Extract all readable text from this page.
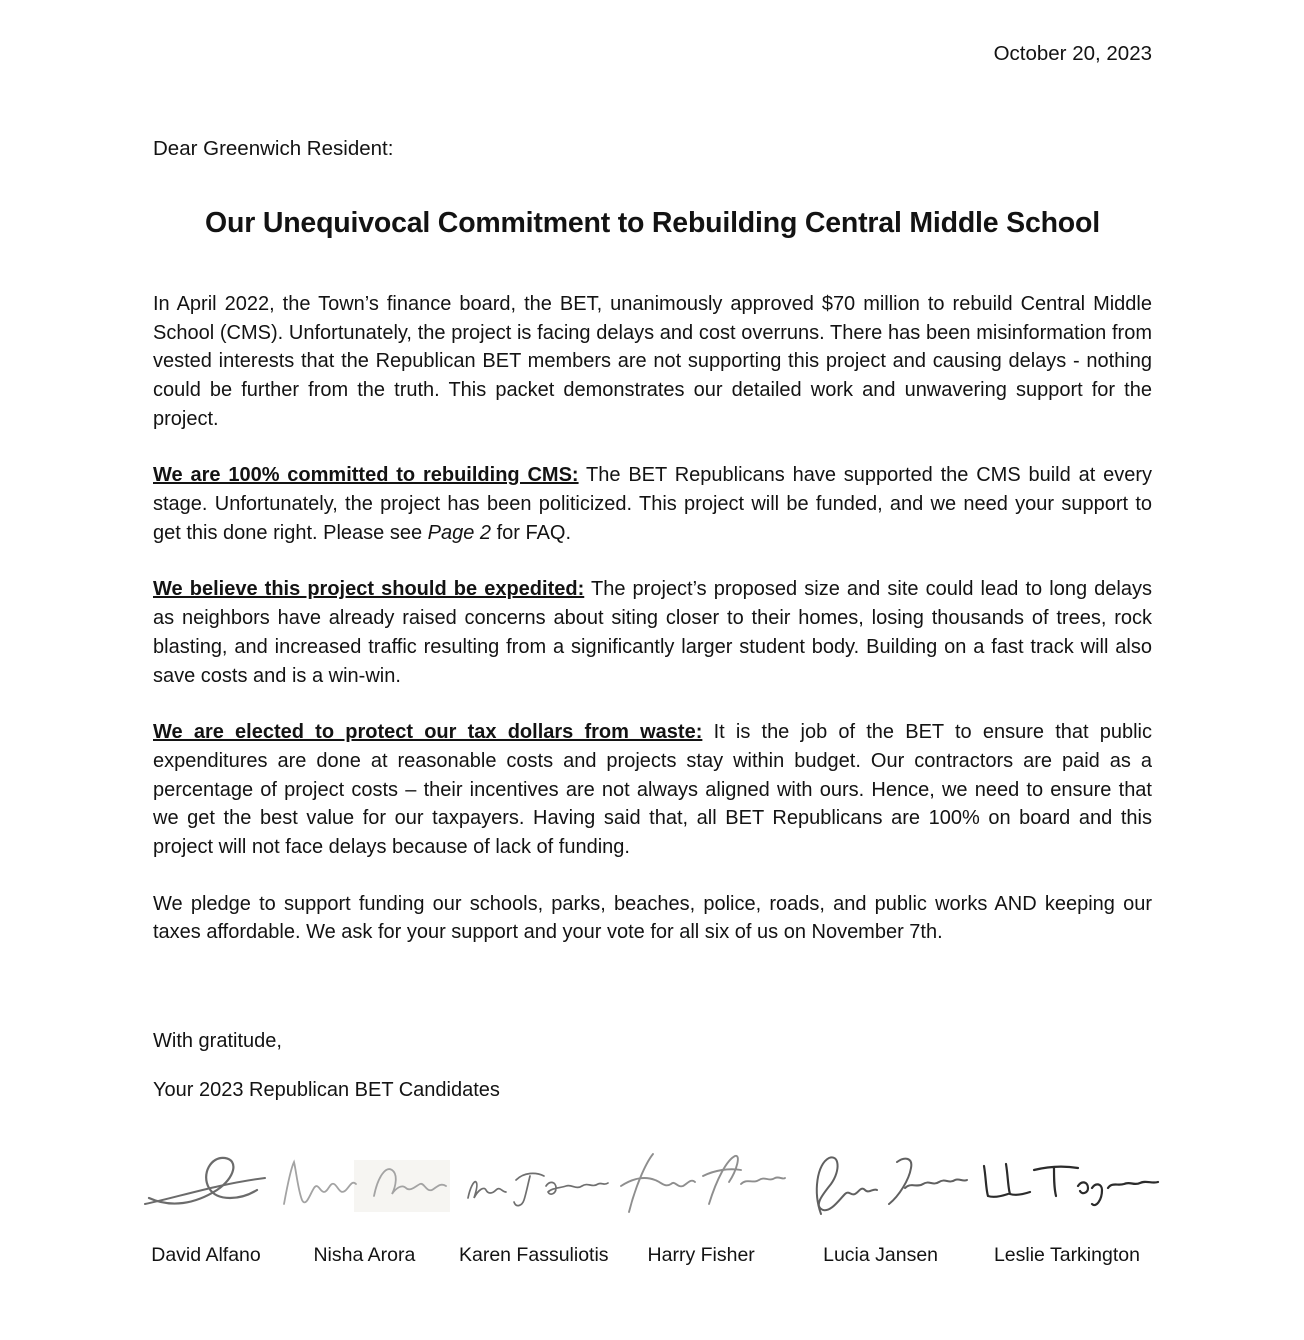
October 20, 2023
Dear Greenwich Resident:
Our Unequivocal Commitment to Rebuilding Central Middle School
In April 2022, the Town’s finance board, the BET, unanimously approved $70 million to rebuild Central Middle School (CMS). Unfortunately, the project is facing delays and cost overruns. There has been misinformation from vested interests that the Republican BET members are not supporting this project and causing delays - nothing could be further from the truth. This packet demonstrates our detailed work and unwavering support for the project.
We are 100% committed to rebuilding CMS: The BET Republicans have supported the CMS build at every stage. Unfortunately, the project has been politicized. This project will be funded, and we need your support to get this done right. Please see Page 2 for FAQ.
We believe this project should be expedited: The project’s proposed size and site could lead to long delays as neighbors have already raised concerns about siting closer to their homes, losing thousands of trees, rock blasting, and increased traffic resulting from a significantly larger student body. Building on a fast track will also save costs and is a win-win.
We are elected to protect our tax dollars from waste: It is the job of the BET to ensure that public expenditures are done at reasonable costs and projects stay within budget. Our contractors are paid as a percentage of project costs – their incentives are not always aligned with ours. Hence, we need to ensure that we get the best value for our taxpayers. Having said that, all BET Republicans are 100% on board and this project will not face delays because of lack of funding.
We pledge to support funding our schools, parks, beaches, police, roads, and public works AND keeping our taxes affordable. We ask for your support and your vote for all six of us on November 7th.
With gratitude,
Your 2023 Republican BET Candidates
David Alfano	Nisha Arora Karen Fassuliotis Harry Fisher	Lucia Jansen	Leslie Tarkington
